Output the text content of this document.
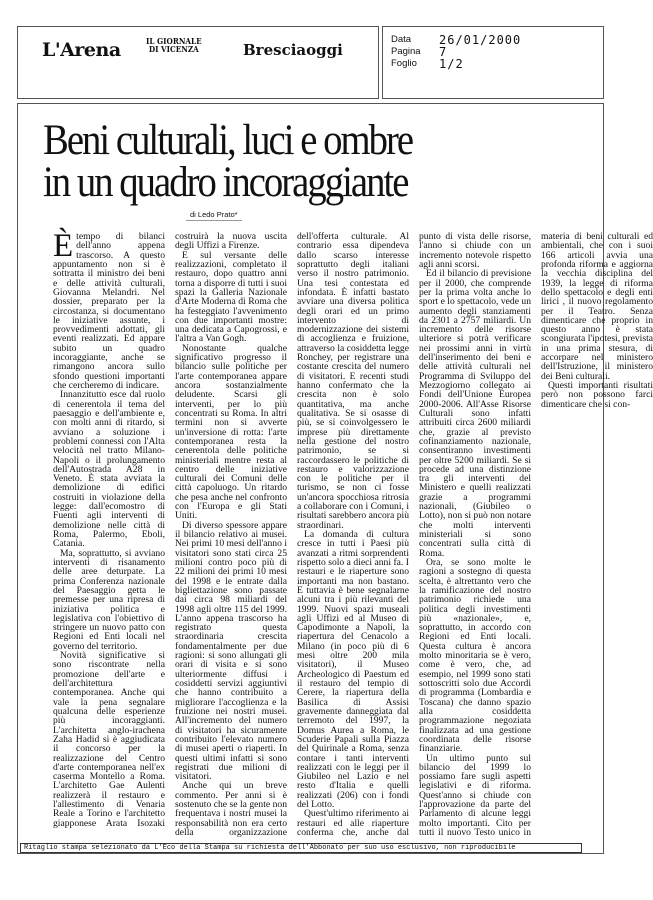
L'Arena	IL GIORNALE
DI VICENZA	Bresciaoggi
Data	26/01/2000
Pagina	7
Foglio	1/2
Beni culturali, luci e ombre
in un quadro incoraggiante
di Ledo Prato*

È tempo di bilanci dell'anno appena trascorso. A questo appuntamento non si è sottratta il ministro dei beni e delle attività culturali, Giovanna Melandri. Nel dossier, preparato per la circostanza, si documentano le iniziative assunte, i provvedimenti adottati, gli eventi realizzati. Ed appare subito un quadro incoraggiante, anche se rimangono ancora sullo sfondo questioni importanti che cercheremo di indicare.

Innanzitutto esce dal ruolo di cenerentola il tema del paesaggio e dell'ambiente e, con molti anni di ritardo, si avviano a soluzione i problemi connessi con l'Alta velocità nel tratto Milano-Napoli o il prolungamento dell'Autostrada A28 in Veneto. È stata avviata la demolizione di edifici costruiti in violazione della legge: dall'ecomostro di Fuenti agli interventi di demolizione nelle città di Roma, Palermo, Eboli, Catania.

Ma, soprattutto, si avviano interventi di risanamento delle aree deturpate. La prima Conferenza nazionale del Paesaggio getta le premesse per una ripresa di iniziativa politica e legislativa con l'obiettivo di stringere un nuovo patto con Regioni ed Enti locali nel governo del territorio.

Novità significative si sono riscontrate nella promozione dell'arte e dell'architettura contemporanea. Anche qui vale la pena segnalare qualcuna delle esperienze più incoraggianti. L'architetta anglo-irachena Zaha Hadid si è aggiudicata il concorso per la realizzazione del Centro d'arte contemporanea nell'ex caserma Montello a Roma. L'architetto Gae Aulenti realizzerà il restauro e l'allestimento di Venaria Reale a Torino e l'architetto giapponese Arata Isozaki costruirà la nuova uscita degli Uffizi a Firenze.

E sul versante delle realizzazioni, completato il restauro, dopo quattro anni torna a disporre di tutti i suoi spazi la Galleria Nazionale d'Arte Moderna di Roma che ha festeggiato l'avvenimento con due importanti mostre: una dedicata a Capogrossi, e l'altra a Van Gogh.

Nonostante qualche significativo progresso il bilancio sulle politiche per l'arte contemporanea appare ancora sostanzialmente deludente. Scarsi gli interventi, per lo più concentrati su Roma. In altri termini non si avverte un'inversione di rotta: l'arte contemporanea resta la cenerentola delle politiche ministeriali mentre resta al centro delle iniziative culturali dei Comuni delle città capoluogo. Un ritardo che pesa anche nel confronto con l'Europa e gli Stati Uniti.

Di diverso spessore appare il bilancio relativo ai musei. Nei primi 10 mesi dell'anno i visitatori sono stati circa 25 milioni contro poco più di 22 milioni dei primi 10 mesi del 1998 e le entrate dalla bigliettazione sono passate dai circa 98 miliardi del 1998 agli oltre 115 del 1999. L'anno appena trascorso ha registrato questa straordinaria crescita fondamentalmente per due ragioni: si sono allungati gli orari di visita e si sono ulteriormente diffusi i cosiddetti servizi aggiuntivi che hanno contribuito a migliorare l'accoglienza e la fruizione nei nostri musei. All'incremento del numero di visitatori ha sicuramente contribuito l'elevato numero di musei aperti o riaperti. In questi ultimi infatti si sono registrati due milioni di visitatori.

Anche qui un breve commento. Per anni si è sostenuto che se la gente non frequentava i nostri musei la responsabilità non era certo della organizzazione dell'offerta culturale. Al contrario essa dipendeva dallo scarso interesse soprattutto degli italiani verso il nostro patrimonio. Una tesi contestata ed infondata. È infatti bastato avviare una diversa politica degli orari ed un primo intervento di modernizzazione dei sistemi di accoglienza e fruizione, attraverso la cosiddetta legge Ronchey, per registrare una costante crescita del numero di visitatori. E recenti studi hanno confermato che la crescita non è solo quantitativa, ma anche qualitativa. Se si osasse di più, se si coinvolgessero le imprese più direttamente nella gestione del nostro patrimonio, se si raccordassero le politiche di restauro e valorizzazione con le politiche per il turismo, se non ci fosse un'ancora spocchiosa ritrosia a collaborare con i Comuni, i risultati sarebbero ancora più straordinari.

La domanda di cultura cresce in tutti i Paesi più avanzati a ritmi sorprendenti rispetto solo a dieci anni fa. I restauri e le riaperture sono importanti ma non bastano. E tuttavia è bene segnalarne alcuni tra i più rilevanti del 1999. Nuovi spazi museali agli Uffizi ed al Museo di Capodimonte a Napoli, la riapertura del Cenacolo a Milano (in poco più di 6 mesi oltre 200 mila visitatori), il Museo Archeologico di Paestum ed il restauro del tempio di Cerere, la riapertura della Basilica di Assisi gravemente danneggiata dal terremoto del 1997, la Domus Aurea a Roma, le Scuderie Papali sulla Piazza del Quirinale a Roma, senza contare i tanti interventi realizzati con le leggi per il Giubileo nel Lazio e nel resto d'Italia e quelli realizzati (206) con i fondi del Lotto.

Quest'ultimo riferimento ai restauri ed alle riaperture conferma che, anche dal punto di vista delle risorse, l'anno si chiude con un incremento notevole rispetto agli anni scorsi.

Ed il bilancio di previsione per il 2000, che comprende per la prima volta anche lo sport e lo spettacolo, vede un aumento degli stanziamenti da 2301 a 2757 miliardi. Un incremento delle risorse ulteriore si potrà verificare nei prossimi anni in virtù dell'inserimento dei beni e delle attività culturali nel Programma di Sviluppo del Mezzogiorno collegato ai Fondi dell'Unione Europea 2000-2006. All'Asse Risorse Culturali sono infatti attribuiti circa 2600 miliardi che, grazie al previsto cofinanziamento nazionale, consentiranno investimenti per oltre 5200 miliardi. Se si procede ad una distinzione tra gli interventi del Ministero e quelli realizzati grazie a programmi nazionali, (Giubileo o Lotto), non si può non notare che molti interventi ministeriali si sono concentrati sulla città di Roma.

Ora, se sono molte le ragioni a sostegno di questa scelta, è altrettanto vero che la ramificazione del nostro patrimonio richiede una politica degli investimenti più «nazionale», e, soprattutto, in accordo con Regioni ed Enti locali. Questa cultura è ancora molto minoritaria se è vero, come è vero, che, ad esempio, nel 1999 sono stati sottoscritti solo due Accordi di programma (Lombardia e Toscana) che danno spazio alla cosiddetta programmazione negoziata finalizzata ad una gestione coordinata delle risorse finanziarie.

Un ultimo punto sul bilancio del 1999 lo possiamo fare sugli aspetti legislativi e di riforma. Quest'anno si chiude con l'approvazione da parte del Parlamento di alcune leggi molto importanti. Cito per tutti il nuovo Testo unico in materia di beni culturali ed ambientali, che con i suoi 166 articoli avvia una profonda riforma e aggiorna la vecchia disciplina del 1939, la legge di riforma dello spettacolo e degli enti lirici , il nuovo regolamento per il Teatro. Senza dimenticare che proprio in questo anno è stata scongiurata l'ipotesi, prevista in una prima stesura, di accorpare nel ministero dell'Istruzione, il ministero dei Beni culturali.

Questi importanti risultati però non possono farci dimenticare che si con-

Ritaglio stampa selezionato da L'Eco della Stampa su richiesta dell'Abbonato per suo uso esclusivo, non riproducibile
